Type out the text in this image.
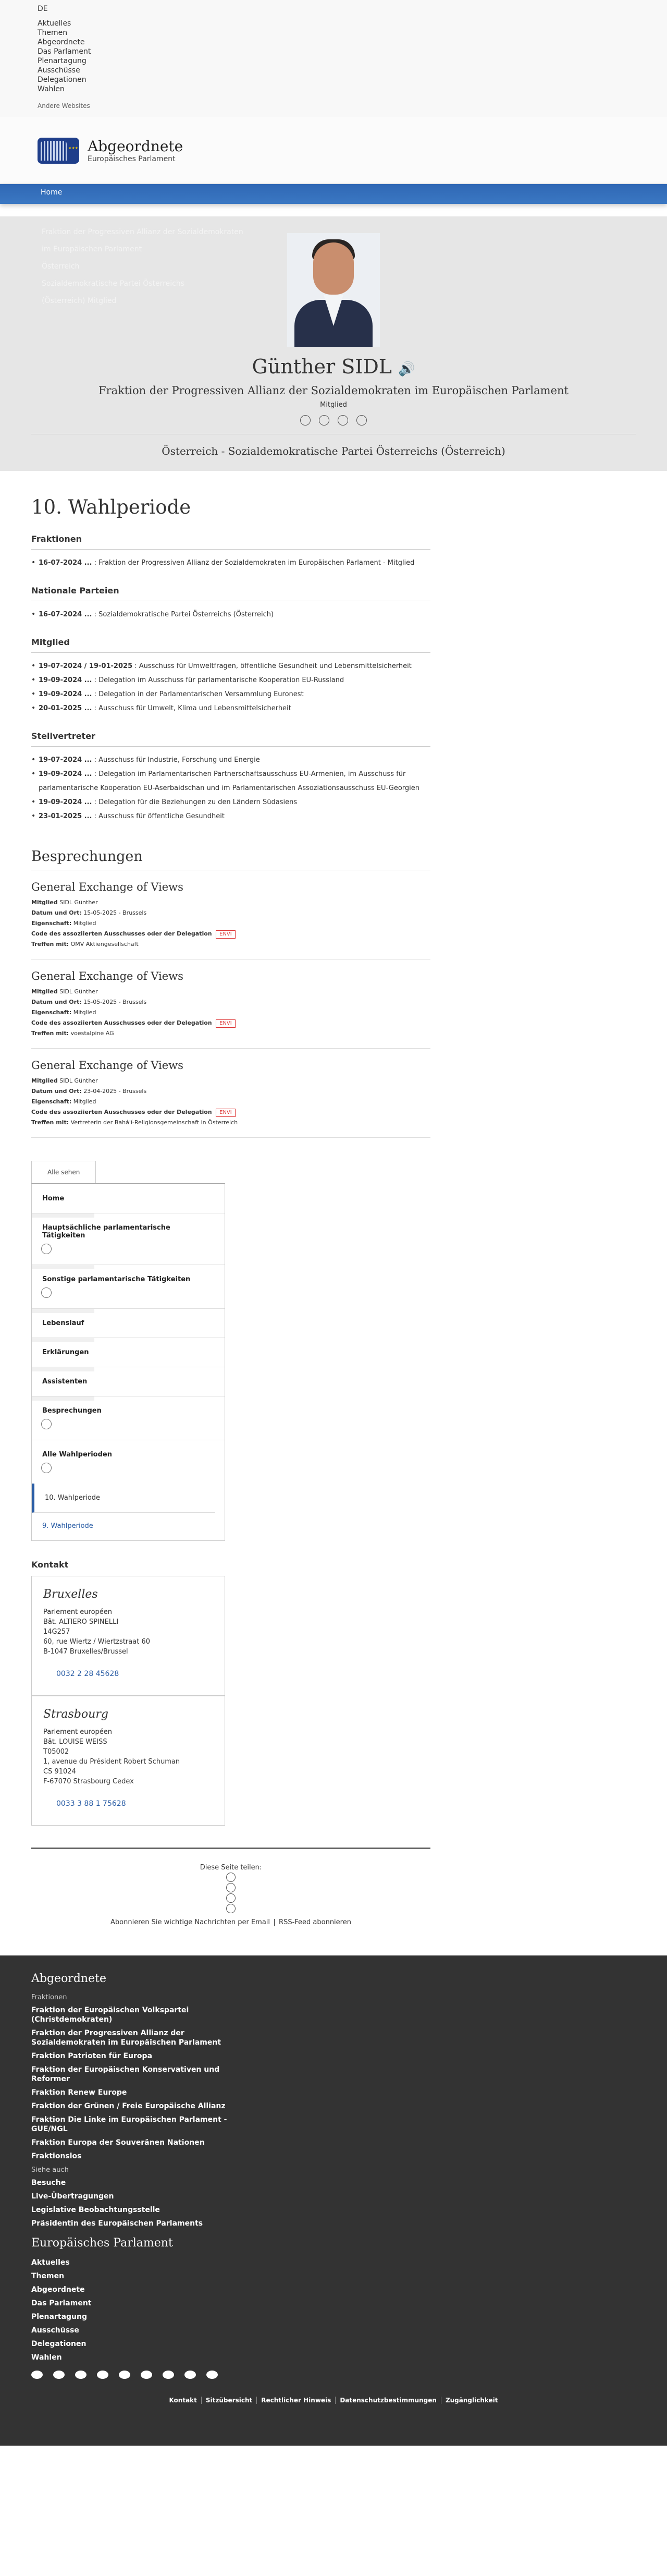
DE
Aktuelles
Themen
Abgeordnete
Das Parlament
Plenartagung
Ausschüsse
Delegationen
Wahlen
Andere Websites
★★★
Abgeordnete
Europäisches Parlament
Home
Fraktion der Progressiven Allianz der Sozialdemokraten
im Europäischen Parlament
Österreich
Sozialdemokratische Partei Österreichs
(Österreich) Mitglied
Günther SIDL 🔊
Fraktion der Progressiven Allianz der Sozialdemokraten im Europäischen Parlament
Mitglied
Österreich - Sozialdemokratische Partei Österreichs (Österreich)
10. Wahlperiode
Fraktionen
• 16-07-2024 ... : Fraktion der Progressiven Allianz der Sozialdemokraten im Europäischen Parlament - Mitglied
Nationale Parteien
• 16-07-2024 ... : Sozialdemokratische Partei Österreichs (Österreich)
Mitglied
• 19-07-2024 / 19-01-2025 : Ausschuss für Umweltfragen, öffentliche Gesundheit und Lebensmittelsicherheit
• 19-09-2024 ... : Delegation im Ausschuss für parlamentarische Kooperation EU-Russland
• 19-09-2024 ... : Delegation in der Parlamentarischen Versammlung Euronest
• 20-01-2025 ... : Ausschuss für Umwelt, Klima und Lebensmittelsicherheit
Stellvertreter
• 19-07-2024 ... : Ausschuss für Industrie, Forschung und Energie
• 19-09-2024 ... : Delegation im Parlamentarischen Partnerschaftsausschuss EU-Armenien, im Ausschuss für parlamentarische Kooperation EU-Aserbaidschan und im Parlamentarischen Assoziationsausschuss EU-Georgien
• 19-09-2024 ... : Delegation für die Beziehungen zu den Ländern Südasiens
• 23-01-2025 ... : Ausschuss für öffentliche Gesundheit
Besprechungen
General Exchange of Views
Mitglied SIDL Günther
Datum und Ort: 15-05-2025 - Brussels
Eigenschaft: Mitglied
Code des assoziierten Ausschusses oder der Delegation ENVI
Treffen mit: OMV Aktiengesellschaft
General Exchange of Views
Mitglied SIDL Günther
Datum und Ort: 15-05-2025 - Brussels
Eigenschaft: Mitglied
Code des assoziierten Ausschusses oder der Delegation ENVI
Treffen mit: voestalpine AG
General Exchange of Views
Mitglied SIDL Günther
Datum und Ort: 23-04-2025 - Brussels
Eigenschaft: Mitglied
Code des assoziierten Ausschusses oder der Delegation ENVI
Treffen mit: Vertreterin der Bahá'í-Religionsgemeinschaft in Österreich
Alle sehen
Home
Hauptsächliche parlamentarische Tätigkeiten
Sonstige parlamentarische Tätigkeiten
Lebenslauf
Erklärungen
Assistenten
Besprechungen
Alle Wahlperioden
10. Wahlperiode
9. Wahlperiode
Kontakt
Bruxelles
Parlement européen
Bât. ALTIERO SPINELLI
14G257
60, rue Wiertz / Wiertzstraat 60
B-1047 Bruxelles/Brussel
0032 2 28 45628
Strasbourg
Parlement européen
Bât. LOUISE WEISS
T05002
1, avenue du Président Robert Schuman
CS 91024
F-67070 Strasbourg Cedex
0033 3 88 1 75628
Diese Seite teilen:
Abonnieren Sie wichtige Nachrichten per Email RSS-Feed abonnieren
Abgeordnete
Fraktionen
Fraktion der Europäischen Volkspartei (Christdemokraten)
Fraktion der Progressiven Allianz der Sozialdemokraten im Europäischen Parlament
Fraktion Patrioten für Europa
Fraktion der Europäischen Konservativen und Reformer
Fraktion Renew Europe
Fraktion der Grünen / Freie Europäische Allianz
Fraktion Die Linke im Europäischen Parlament - GUE/NGL
Fraktion Europa der Souveränen Nationen
Fraktionslos
Siehe auch
Besuche
Live-Übertragungen
Legislative Beobachtungsstelle
Präsidentin des Europäischen Parlaments
Europäisches Parlament
Aktuelles
Themen
Abgeordnete
Das Parlament
Plenartagung
Ausschüsse
Delegationen
Wahlen
Kontakt Sitzübersicht Rechtlicher Hinweis Datenschutzbestimmungen Zugänglichkeit
